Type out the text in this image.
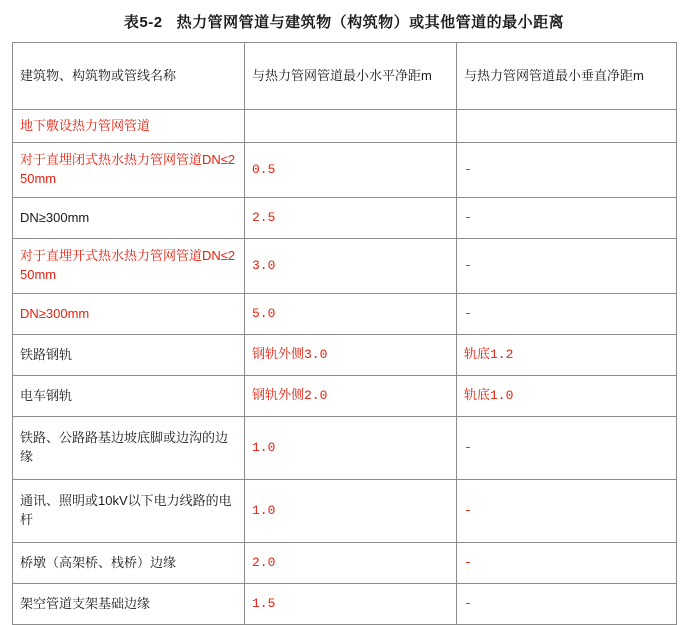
表5-2 热力管网管道与建筑物（构筑物）或其他管道的最小距离
建筑物、构筑物或管线名称	与热力管网管道最小水平净距m	与热力管网管道最小垂直净距m

地下敷设热力管网管道		

对于直埋闭式热水热力管网管道DN≤250mm	0.5	-

DN≥300mm	2.5	-

对于直埋开式热水热力管网管道DN≤250mm	3.0	-

DN≥300mm	5.0	-

铁路钢轨	钢轨外侧3.0	轨底1.2

电车钢轨	钢轨外侧2.0	轨底1.0

铁路、公路路基边坡底脚或边沟的边缘	1.0	-

通讯、照明或10kV以下电力线路的电杆	1.0	-

桥墩（高架桥、栈桥）边缘	2.0	-

架空管道支架基础边缘	1.5	-
